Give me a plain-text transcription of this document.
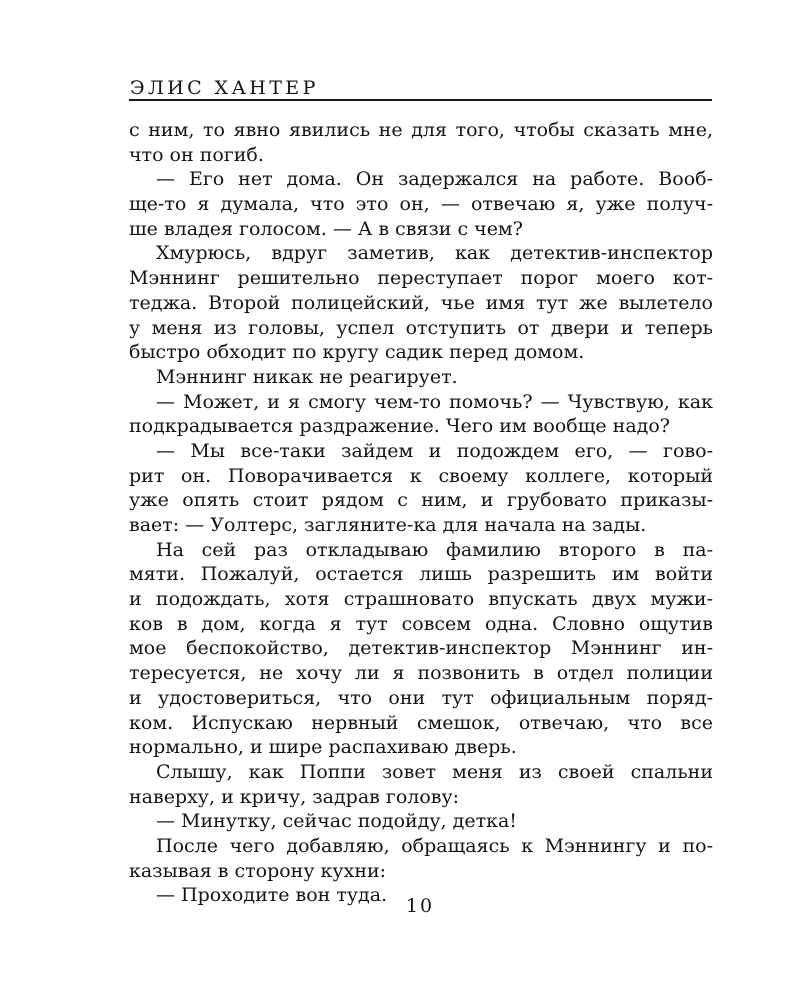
ЭЛИС ХАНТЕР
с ним, то явно явились не для того, чтобы сказать мне,
что он погиб.
— Его нет дома. Он задержался на работе. Вооб-
ще-то я думала, что это он, — отвечаю я, уже получ-
ше владея голосом. — А в связи с чем?
Хмурюсь, вдруг заметив, как детектив-инспектор
Мэннинг решительно переступает порог моего кот-
теджа. Второй полицейский, чье имя тут же вылетело
у меня из головы, успел отступить от двери и теперь
быстро обходит по кругу садик перед домом.
Мэннинг никак не реагирует.
— Может, и я смогу чем-то помочь? — Чувствую, как
подкрадывается раздражение. Чего им вообще надо?
— Мы все-таки зайдем и подождем его, — гово-
рит он. Поворачивается к своему коллеге, который
уже опять стоит рядом с ним, и грубовато приказы-
вает: — Уолтерс, загляните-ка для начала на зады.
На сей раз откладываю фамилию второго в па-
мяти. Пожалуй, остается лишь разрешить им войти
и подождать, хотя страшновато впускать двух мужи-
ков в дом, когда я тут совсем одна. Словно ощутив
мое беспокойство, детектив-инспектор Мэннинг ин-
тересуется, не хочу ли я позвонить в отдел полиции
и удостовериться, что они тут официальным поряд-
ком. Испускаю нервный смешок, отвечаю, что все
нормально, и шире распахиваю дверь.
Слышу, как Поппи зовет меня из своей спальни
наверху, и кричу, задрав голову:
— Минутку, сейчас подойду, детка!
После чего добавляю, обращаясь к Мэннингу и по-
казывая в сторону кухни:
— Проходите вон туда. 10
